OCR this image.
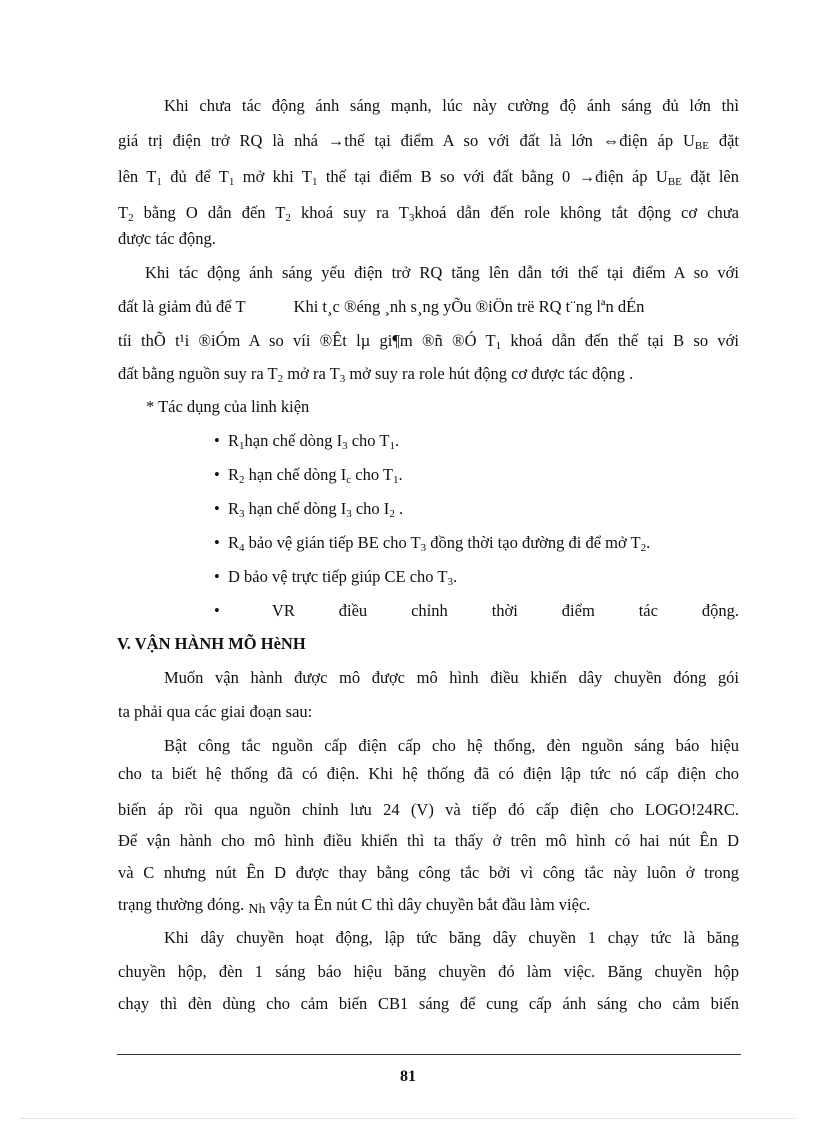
Khi chưa tác động ánh sáng mạnh, lúc này cường độ ánh sáng đủ lớn thì
giá trị điện trở RQ là nhá →thế tại điểm A so với đất là lớn ⇔điện áp $U_{BE}$ đặt
lên $T_1$ đủ để $T_1$ mở khi $T_1$ thế tại điểm B so với đất bằng 0 →điện áp $U_{BE}$ đặt lên
$T_2$ bằng O dẫn đến $T_2$ khoá suy ra $T_3khoá$ dẫn đến role không tắt động cơ chưa
được tác động.
Khi tác động ánh sáng yếu điện trở RQ tăng lên dẫn tới thế tại điểm A so với
đất là giảm đủ để T	Khi t¸c ®éng ¸nh s¸ng yÕu ®iÖn trë RQ t¨ng lªn dÉn
tíi thÕ t¹i ®iÓm A so víi ®Êt lµ gi¶m ®ñ ®Ó $T_1$ khoá dẫn đến thế tại B so với
đất bằng nguồn suy ra $T_2$ mở ra $T_3$ mở suy ra role hút động cơ được tác động .
* Tác dụng của linh kiện
• $R_1hạn$ chế dòng $I_3$ cho $T_1$.
• $R_2$ hạn chế dòng $I_c$ cho $T_1$.
• $R_3$ hạn chế dòng $I_3$ cho $I_2$ .
• $R_4$ bảo vệ gián tiếp BE cho $T_3$ đồng thời tạo đường đi để mở $T_2$.
• D bảo vệ trực tiếp giúp CE cho $T_3$.
•	VR	điều	chỉnh	thời	điểm	tác	động.
V. VẬN HÀNH MÕ HèNH
Muốn vận hành được mô được mô hình điều khiển dây chuyền đóng gói
ta phải qua các giai đoạn sau:
Bật công tắc nguồn cấp điện cấp cho hệ thống, đèn nguồn sáng báo hiệu
cho ta biết hệ thống đã có điện. Khi hệ thống đã có điện lập tức nó cấp điện cho
biến áp rồi qua nguồn chỉnh lưu 24 (V) và tiếp đó cấp điện cho LOGO!24RC.
Để vận hành cho mô hình điều khiển thì ta thấy ở trên mô hình có hai nút Ên D
và C nhưng nút Ên D được thay bằng công tắc bởi vì công tắc này luôn ở trong
trạng thường đóng. Nh vậy ta Ên nút C thì dây chuyền bắt đầu làm việc.
Khi dây chuyền hoạt động, lập tức băng dây chuyền 1 chạy tức là băng
chuyền hộp, đèn 1 sáng báo hiệu băng chuyền đó làm việc. Băng chuyền hộp
chạy thì đèn dùng cho cảm biến CB1 sáng để cung cấp ánh sáng cho cảm biến
81
